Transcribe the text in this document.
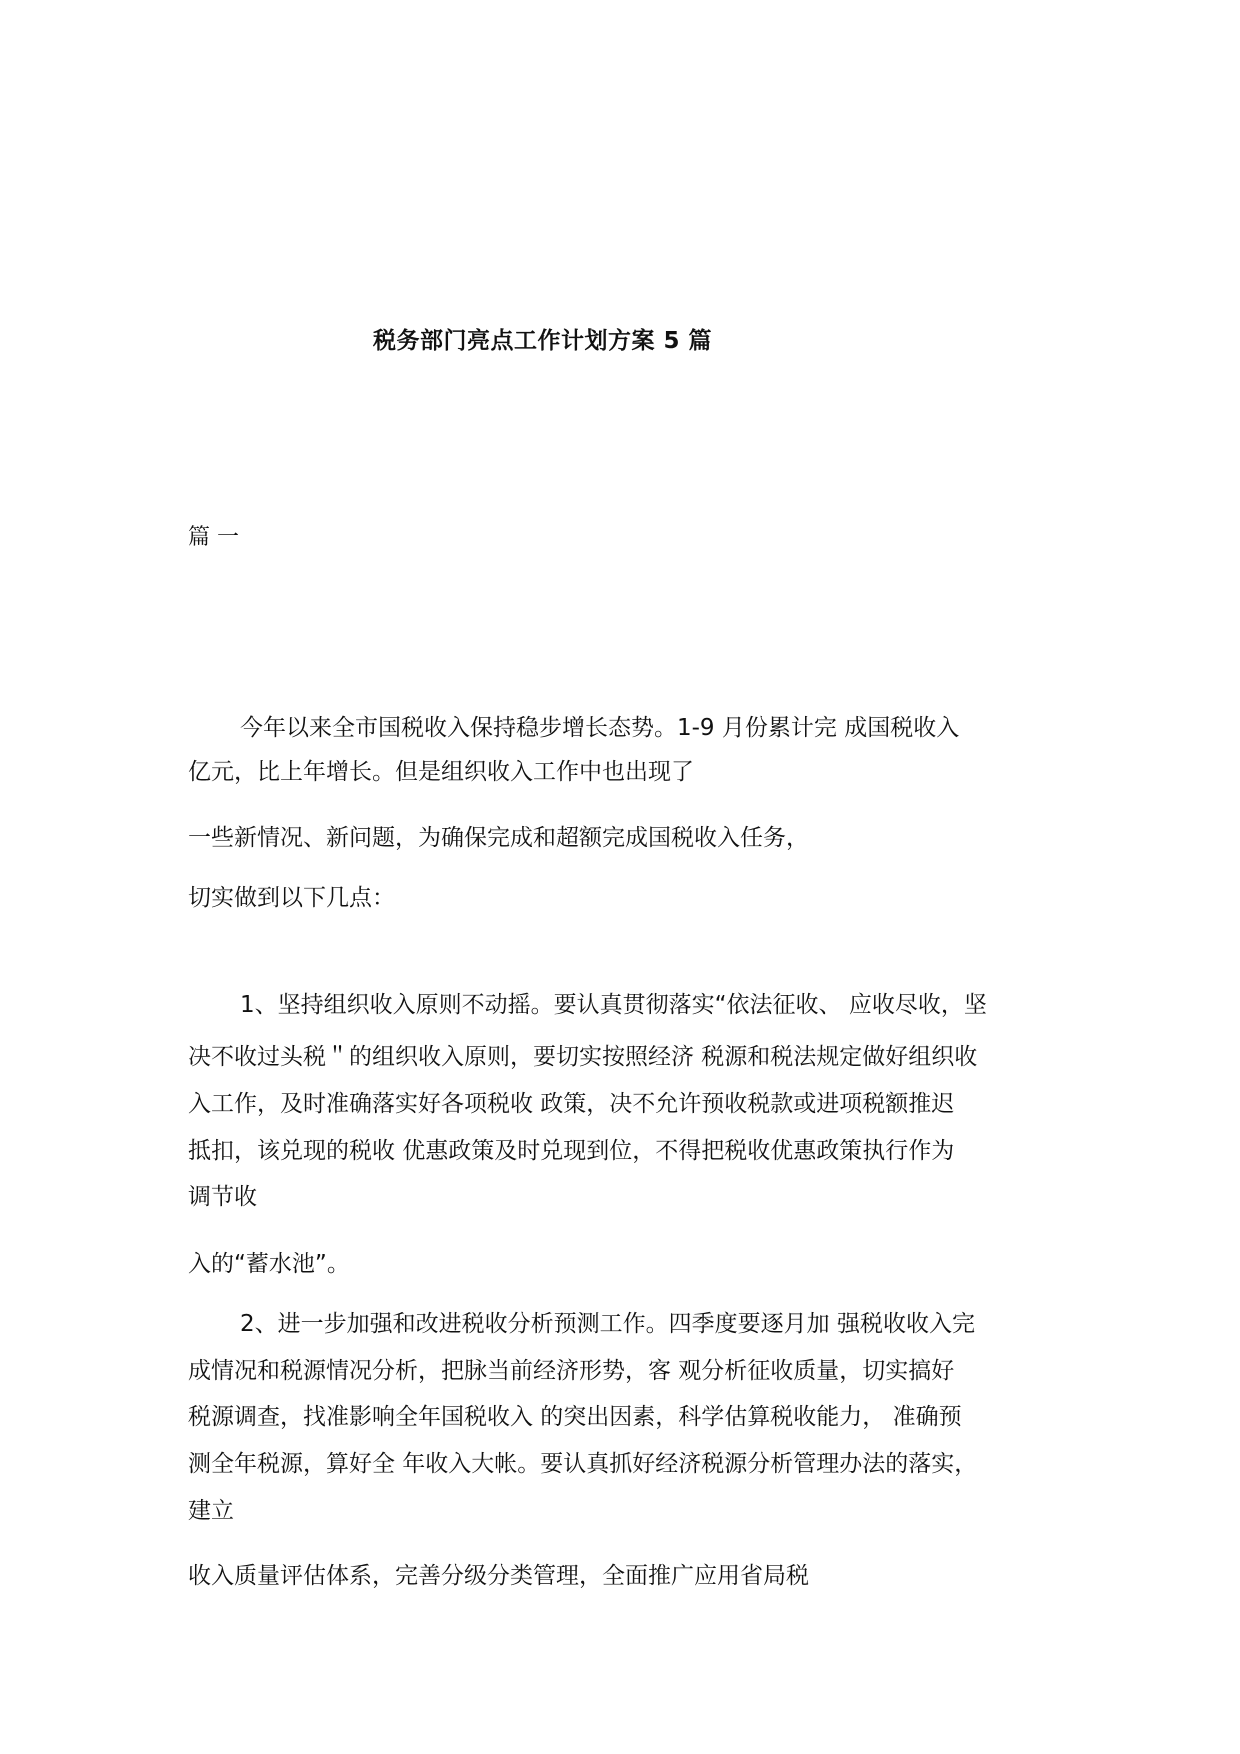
税务部门亮点工作计划方案 5 篇
篇 一
今年以来全市国税收入保持稳步增长态势。1-9 月份累计完 成国税收入
亿元，比上年增长。但是组织收入工作中也出现了
一些新情况、新问题，为确保完成和超额完成国税收入任务，
切实做到以下几点：
1、坚持组织收入原则不动摇。要认真贯彻落实“依法征收、 应收尽收，坚
决不收过头税＂的组织收入原则，要切实按照经济 税源和税法规定做好组织收
入工作，及时准确落实好各项税收 政策，决不允许预收税款或进项税额推迟
抵扣，该兑现的税收 优惠政策及时兑现到位，不得把税收优惠政策执行作为
调节收
入的“蓄水池”。
2、进一步加强和改进税收分析预测工作。四季度要逐月加 强税收收入完
成情况和税源情况分析，把脉当前经济形势，客 观分析征收质量，切实搞好
税源调查，找准影响全年国税收入 的突出因素，科学估算税收能力， 准确预
测全年税源，算好全 年收入大帐。要认真抓好经济税源分析管理办法的落实，
建立
收入质量评估体系，完善分级分类管理，全面推广应用省局税
